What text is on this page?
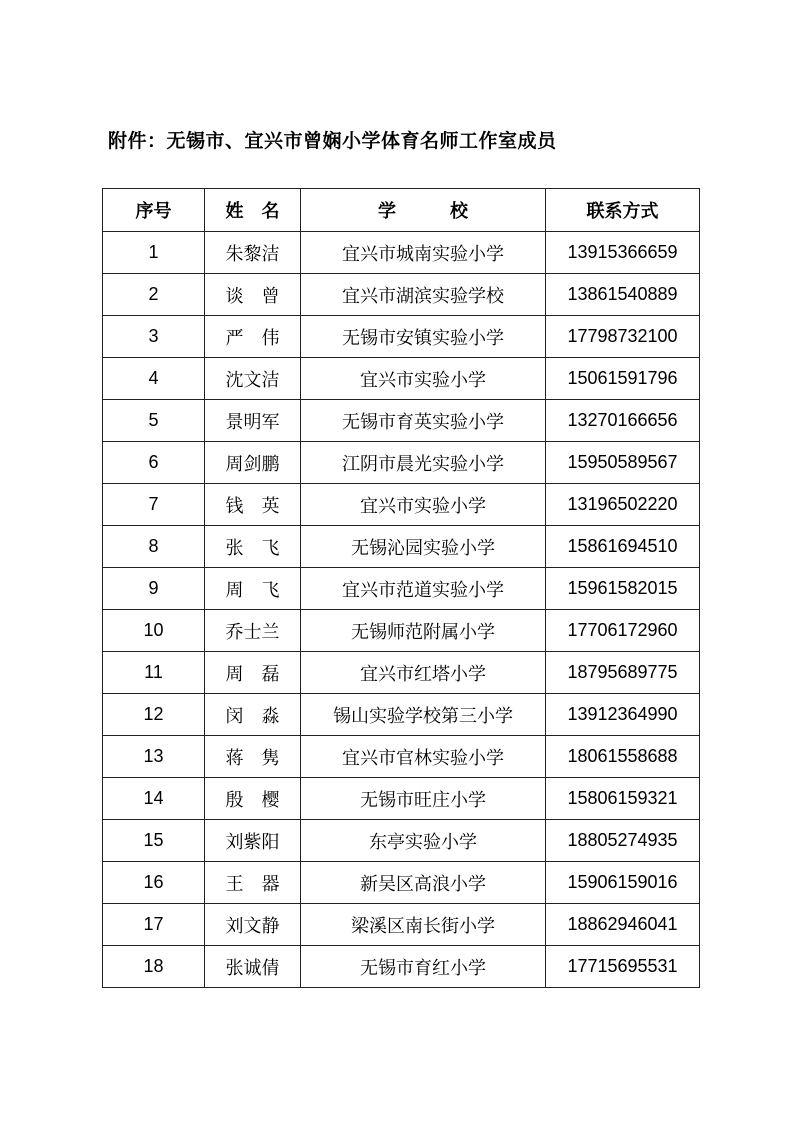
附件：无锡市、宜兴市曾娴小学体育名师工作室成员
序号	姓　名	学　　　校	联系方式
1	朱黎洁	宜兴市城南实验小学	13915366659
2	谈　曾	宜兴市湖滨实验学校	13861540889
3	严　伟	无锡市安镇实验小学	17798732100
4	沈文洁	宜兴市实验小学	15061591796
5	景明军	无锡市育英实验小学	13270166656
6	周剑鹏	江阴市晨光实验小学	15950589567
7	钱　英	宜兴市实验小学	13196502220
8	张　飞	无锡沁园实验小学	15861694510
9	周　飞	宜兴市范道实验小学	15961582015
10	乔士兰	无锡师范附属小学	17706172960
11	周　磊	宜兴市红塔小学	18795689775
12	闵　淼	锡山实验学校第三小学	13912364990
13	蒋　隽	宜兴市官林实验小学	18061558688
14	殷　樱	无锡市旺庄小学	15806159321
15	刘紫阳	东亭实验小学	18805274935
16	王　器	新吴区高浪小学	15906159016
17	刘文静	梁溪区南长街小学	18862946041
18	张诚倩	无锡市育红小学	17715695531
